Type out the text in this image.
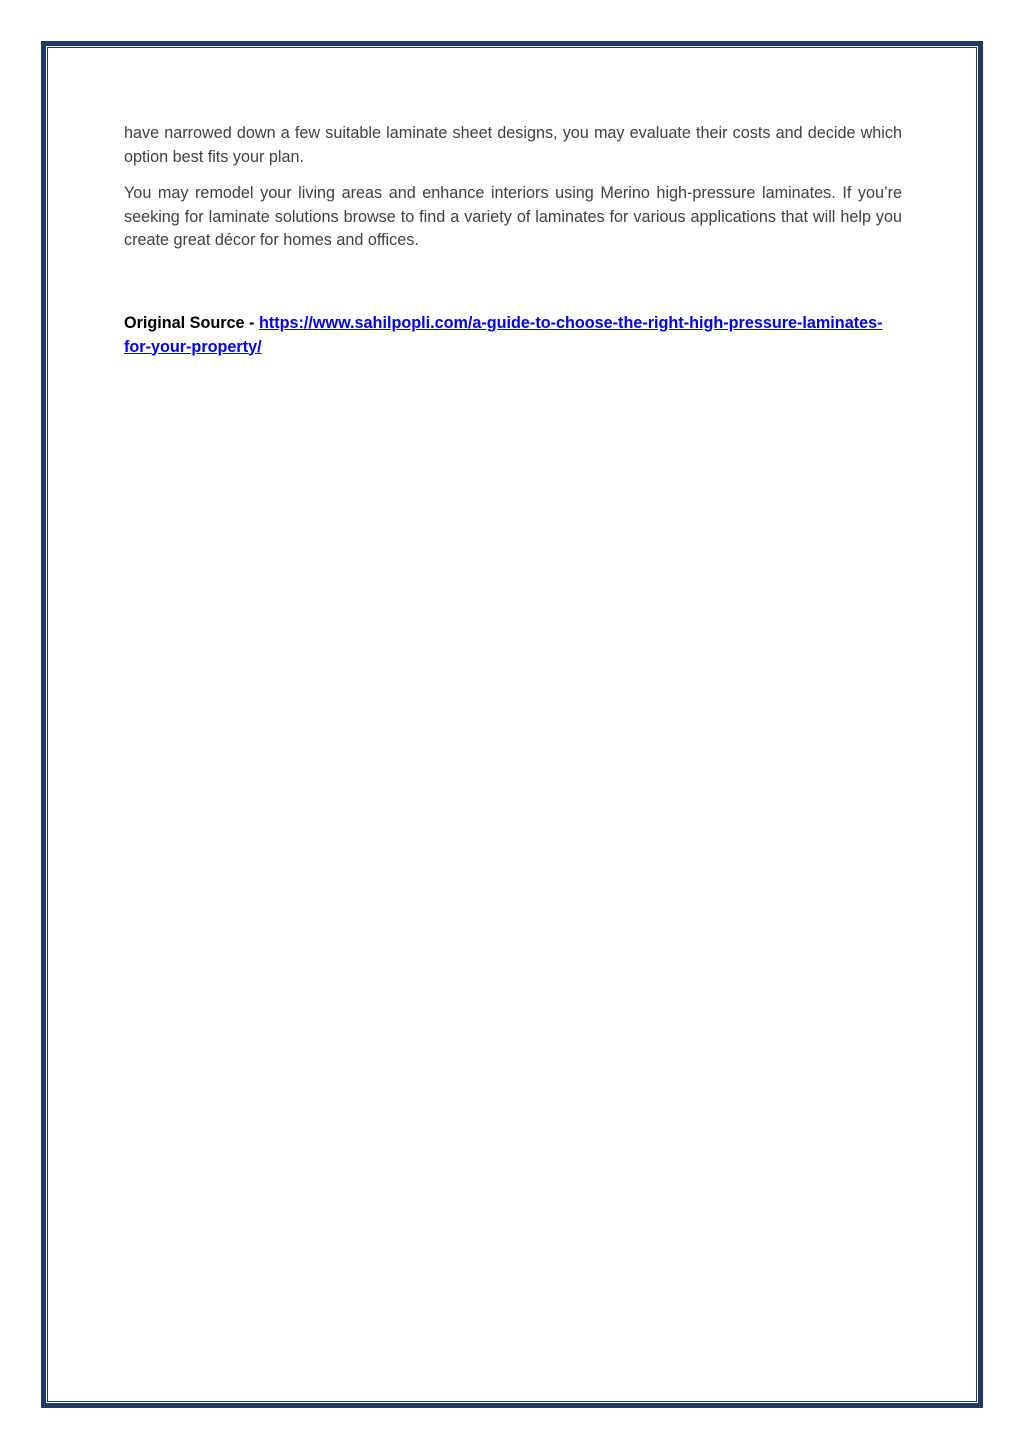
have narrowed down a few suitable laminate sheet designs, you may evaluate their costs and decide which option best fits your plan.

You may remodel your living areas and enhance interiors using Merino high-pressure laminates. If you’re seeking for laminate solutions browse to find a variety of laminates for various applications that will help you create great décor for homes and offices.

Original Source - https://www.sahilpopli.com/a-guide-to-choose-the-right-high-pressure-laminates-for-your-property/
